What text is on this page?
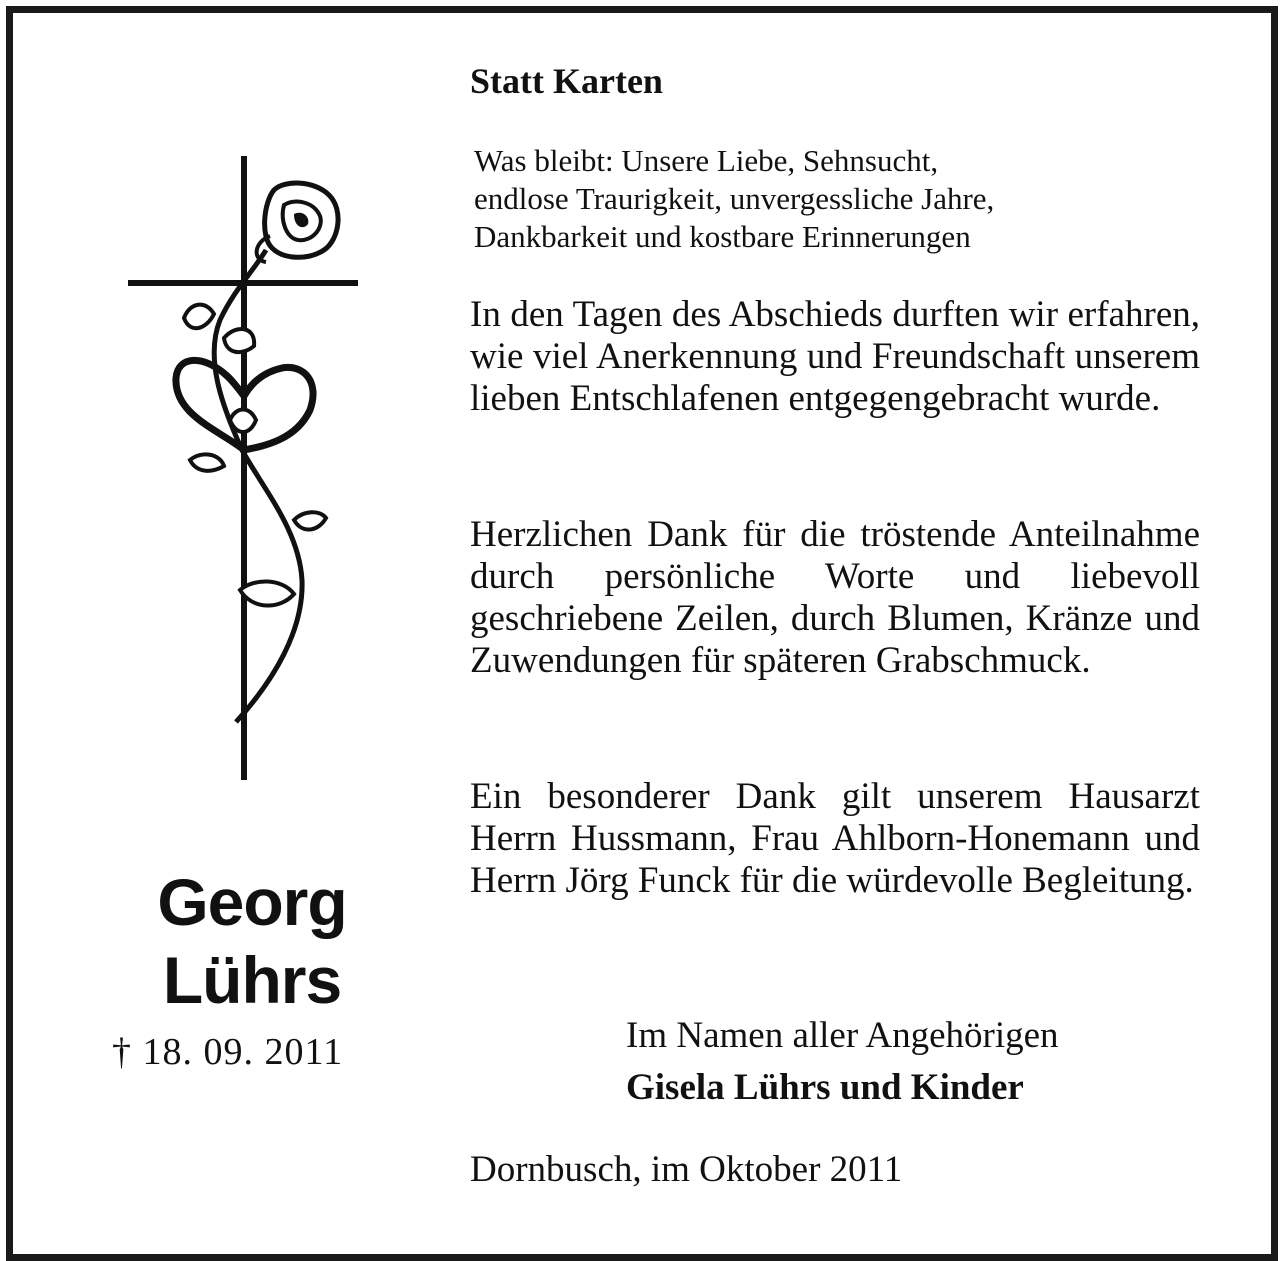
Georg
Lührs
† 18. 09. 2011
Statt Karten
Was bleibt: Unsere Liebe, Sehnsucht,
endlose Traurigkeit, unvergessliche Jahre,
Dankbarkeit und kostbare Erinnerungen

In den Tagen des Abschieds durften wir erfahren, wie viel Anerkennung und Freundschaft unserem lieben Entschlafenen entgegengebracht wurde.

Herzlichen Dank für die tröstende Anteilnahme durch persönliche Worte und liebevoll geschriebene Zeilen, durch Blumen, Kränze und Zuwendungen für späteren Grabschmuck.

Ein besonderer Dank gilt unserem Hausarzt Herrn Hussmann, Frau Ahlborn-Honemann und Herrn Jörg Funck für die würdevolle Begleitung.

Im Namen aller Angehörigen
Gisela Lührs und Kinder
Dornbusch, im Oktober 2011
